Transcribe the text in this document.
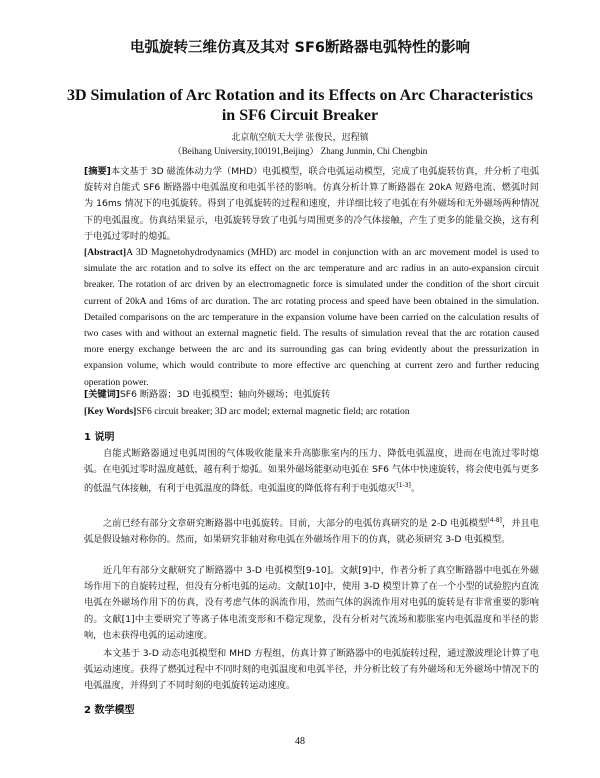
电弧旋转三维仿真及其对 SF6断路器电弧特性的影响
3D Simulation of Arc Rotation and its Effects on Arc Characteristics in SF6 Circuit Breaker
北京航空航天大学 张俊民，迟程镇
（Beihang University,100191,Beijing） Zhang Junmin, Chi Chengbin
[摘要]本文基于 3D 磁流体动力学（MHD）电弧模型，联合电弧运动模型，完成了电弧旋转仿真，并分析了电弧旋转对自能式 SF6 断路器中电弧温度和电弧半径的影响。仿真分析计算了断路器在 20kA 短路电流、燃弧时间为 16ms 情况下的电弧旋转。得到了电弧旋转的过程和速度，并详细比较了电弧在有外磁场和无外磁场两种情况下的电弧温度。仿真结果显示，电弧旋转导致了电弧与周围更多的冷气体接触，产生了更多的能量交换，这有利于电弧过零时的熄弧。
[Abstract]A 3D Magnetohydrodynamics (MHD) arc model in conjunction with an arc movement model is used to simulate the arc rotation and to solve its effect on the arc temperature and arc radius in an auto-expansion circuit breaker. The rotation of arc driven by an electromagnetic force is simulated under the condition of the short circuit current of 20kA and 16ms of arc duration. The arc rotating process and speed have been obtained in the simulation. Detailed comparisons on the arc temperature in the expansion volume have been carried on the calculation results of two cases with and without an external magnetic field. The results of simulation reveal that the arc rotation caused more energy exchange between the arc and its surrounding gas can bring evidently about the pressurization in expansion volume, which would contribute to more effective arc quenching at current zero and further reducing operation power.
[关键词]SF6 断路器；3D 电弧模型；轴向外磁场；电弧旋转
[Key Words]SF6 circuit breaker; 3D arc model; external magnetic field; arc rotation
1 说明
自能式断路器通过电弧周围的气体吸收能量来升高膨胀室内的压力、降低电弧温度，进而在电流过零时熄弧。在电弧过零时温度越低，越有利于熄弧。如果外磁场能驱动电弧在 SF6 气体中快速旋转，将会使电弧与更多的低温气体接触，有利于电弧温度的降低。电弧温度的降低将有利于电弧熄灭[1-3]。
之前已经有部分文章研究断路器中电弧旋转。目前，大部分的电弧仿真研究的是 2-D 电弧模型[4-8]，并且电弧是假设轴对称你的。然而，如果研究非轴对称电弧在外磁场作用下的仿真，就必须研究 3-D 电弧模型。
近几年有部分文献研究了断路器中 3-D 电弧模型[9-10]。文献[9]中，作者分析了真空断路器中电弧在外磁场作用下的自旋转过程，但没有分析电弧的运动。文献[10]中，使用 3-D 模型计算了在一个小型的试验腔内直流电弧在外磁场作用下的仿真，没有考虑气体的涡流作用，然而气体的涡流作用对电弧的旋转是有非常重要的影响的。文献[1]中主要研究了等离子体电流变形和不稳定现象，没有分析对气流场和膨胀室内电弧温度和半径的影响，也未获得电弧的运动速度。
本文基于 3-D 动态电弧模型和 MHD 方程组，仿真计算了断路器中的电弧旋转过程，通过激波理论计算了电弧运动速度。获得了燃弧过程中不同时刻的电弧温度和电弧半径，并分析比较了有外磁场和无外磁场中情况下的电弧温度，并得到了不同时刻的电弧旋转运动速度。
2 数学模型
48
